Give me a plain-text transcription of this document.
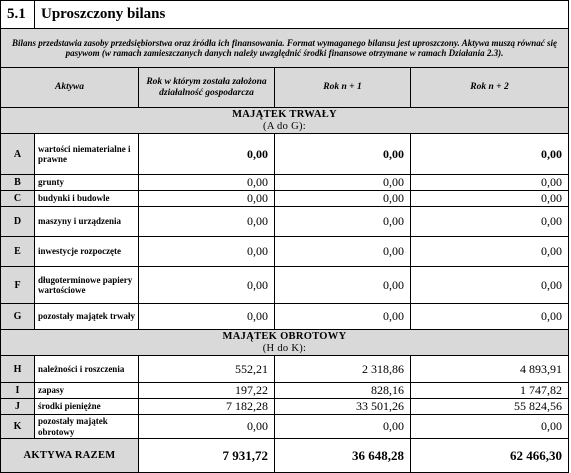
5.1	Uproszczony bilans			
Bilans przedstawia zasoby przedsiębiorstwa oraz źródła ich finansowania. Format wymaganego bilansu jest uproszczony. Aktywa muszą równać się pasywom (w ramach zamieszczanych danych należy uwzględnić środki finansowe otrzymane w ramach Działania 2.3).				
Aktywa		Rok w którym została założona działalność gospodarcza	Rok n + 1	Rok n + 2

MAJĄTEK TRWAŁY
(A do G):				

A	wartości niematerialne i prawne	0,00	0,00	0,00
B	grunty	0,00	0,00	0,00
C	budynki i budowle	0,00	0,00	0,00
D	maszyny i urządzenia	0,00	0,00	0,00
E	inwestycje rozpoczęte	0,00	0,00	0,00
F	długoterminowe papiery wartościowe	0,00	0,00	0,00
G	pozostały majątek trwały	0,00	0,00	0,00

MAJĄTEK OBROTOWY
(H do K):				

H	należności i roszczenia	552,21	2 318,86	4 893,91
I	zapasy	197,22	828,16	1 747,82
J	środki pieniężne	7 182,28	33 501,26	55 824,56
K	pozostały majątek obrotowy	0,00	0,00	0,00
AKTYWA RAZEM		7 931,72	36 648,28	62 466,30
